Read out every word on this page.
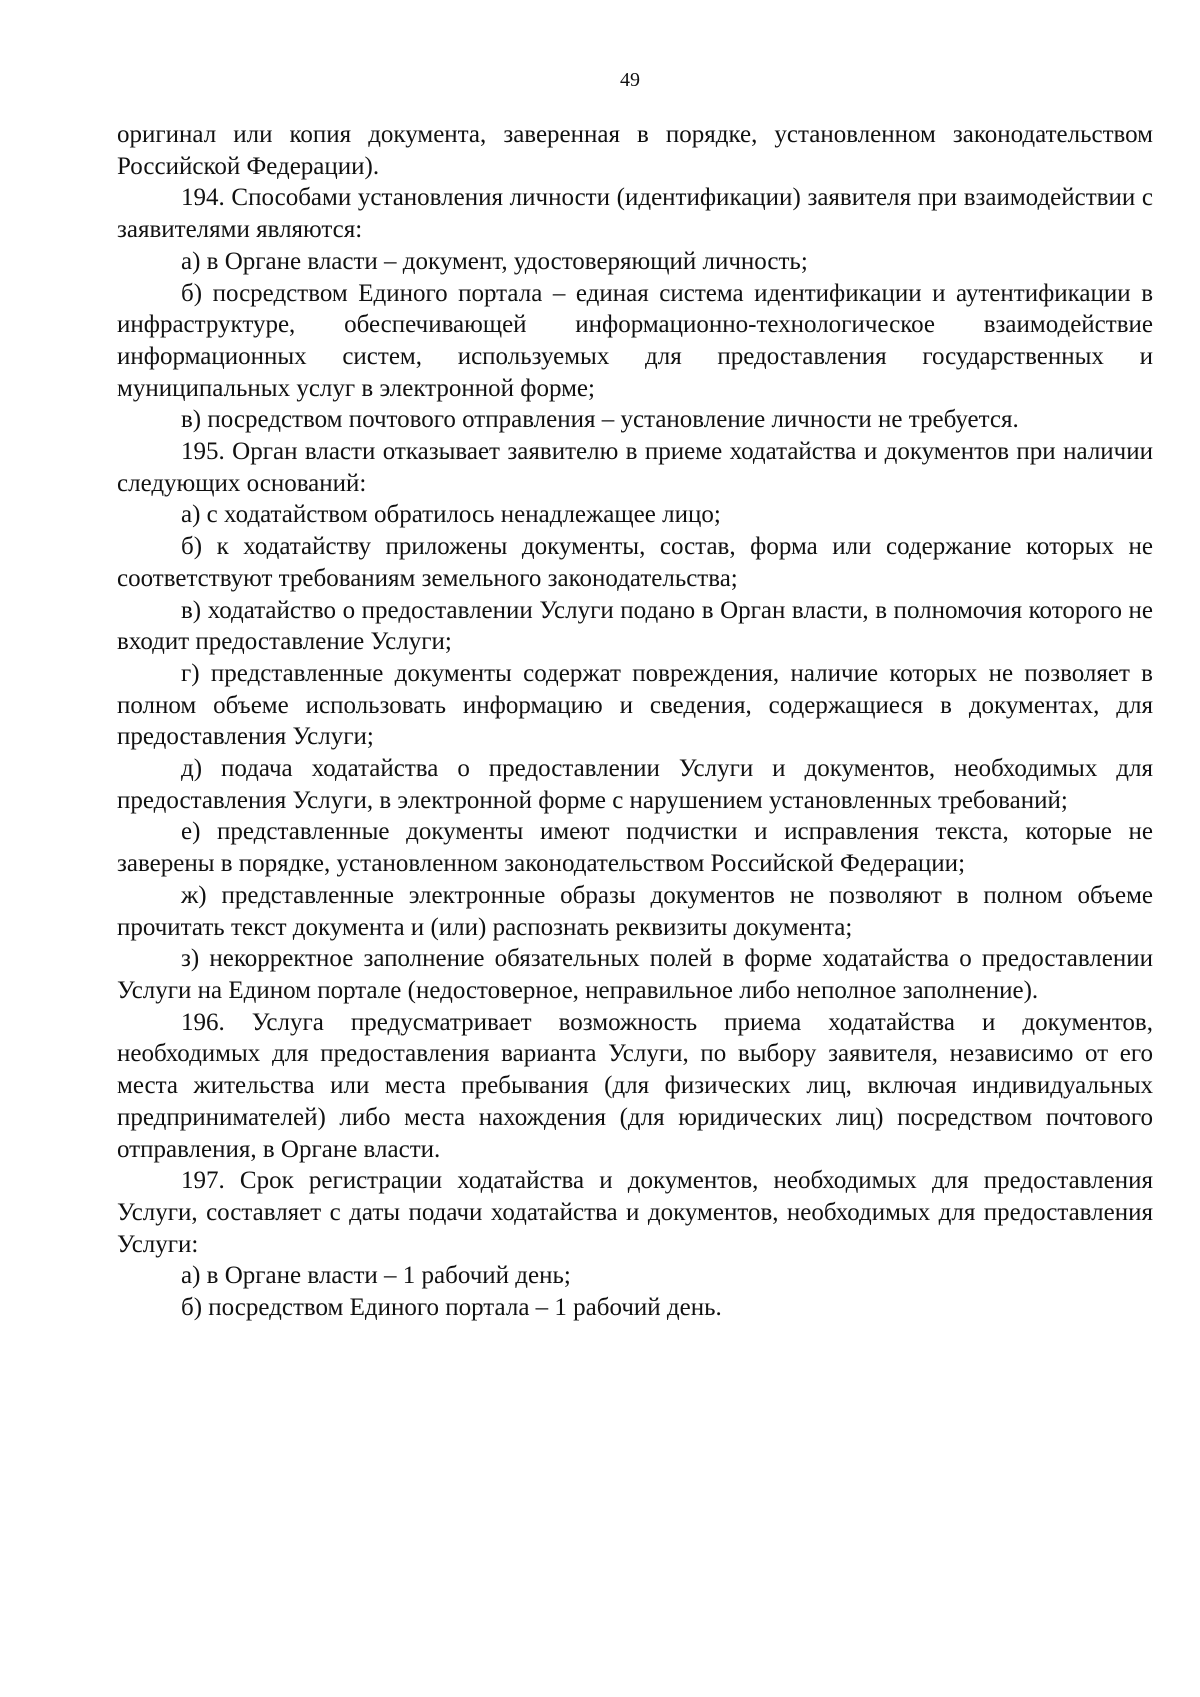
49

оригинал или копия документа, заверенная в порядке, установленном законодательством Российской Федерации).

194. Способами установления личности (идентификации) заявителя при взаимодействии с заявителями являются:

а) в Органе власти – документ, удостоверяющий личность;

б) посредством Единого портала – единая система идентификации и аутентификации в инфраструктуре, обеспечивающей информационно-технологическое взаимодействие информационных систем, используемых для предоставления государственных и муниципальных услуг в электронной форме;

в) посредством почтового отправления – установление личности не требуется.

195. Орган власти отказывает заявителю в приеме ходатайства и документов при наличии следующих оснований:

а) с ходатайством обратилось ненадлежащее лицо;

б) к ходатайству приложены документы, состав, форма или содержание которых не соответствуют требованиям земельного законодательства;

в) ходатайство о предоставлении Услуги подано в Орган власти, в полномочия которого не входит предоставление Услуги;

г) представленные документы содержат повреждения, наличие которых не позволяет в полном объеме использовать информацию и сведения, содержащиеся в документах, для предоставления Услуги;

д) подача ходатайства о предоставлении Услуги и документов, необходимых для предоставления Услуги, в электронной форме с нарушением установленных требований;

е) представленные документы имеют подчистки и исправления текста, которые не заверены в порядке, установленном законодательством Российской Федерации;

ж) представленные электронные образы документов не позволяют в полном объеме прочитать текст документа и (или) распознать реквизиты документа;

з) некорректное заполнение обязательных полей в форме ходатайства о предоставлении Услуги на Едином портале (недостоверное, неправильное либо неполное заполнение).

196. Услуга предусматривает возможность приема ходатайства и документов, необходимых для предоставления варианта Услуги, по выбору заявителя, независимо от его места жительства или места пребывания (для физических лиц, включая индивидуальных предпринимателей) либо места нахождения (для юридических лиц) посредством почтового отправления, в Органе власти.

197. Срок регистрации ходатайства и документов, необходимых для предоставления Услуги, составляет с даты подачи ходатайства и документов, необходимых для предоставления Услуги:

а) в Органе власти – 1 рабочий день;

б) посредством Единого портала – 1 рабочий день.
